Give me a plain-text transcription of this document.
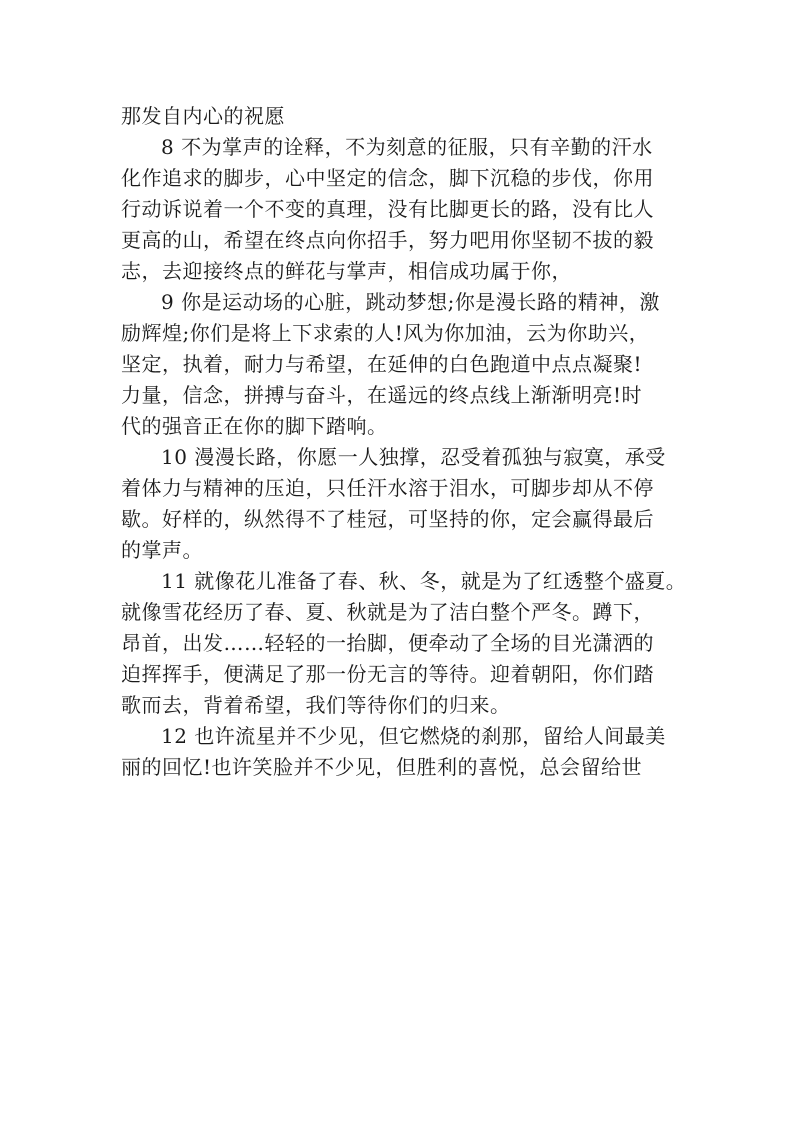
那发自内心的祝愿
8 不为掌声的诠释，不为刻意的征服，只有辛勤的汗水
化作追求的脚步，心中坚定的信念，脚下沉稳的步伐，你用
行动诉说着一个不变的真理，没有比脚更长的路，没有比人
更高的山，希望在终点向你招手，努力吧用你坚韧不拔的毅
志，去迎接终点的鲜花与掌声，相信成功属于你，
9 你是运动场的心脏，跳动梦想;你是漫长路的精神，激
励辉煌;你们是将上下求索的人!风为你加油，云为你助兴，
坚定，执着，耐力与希望，在延伸的白色跑道中点点凝聚!
力量，信念，拼搏与奋斗，在遥远的终点线上渐渐明亮!时
代的强音正在你的脚下踏响。
10 漫漫长路，你愿一人独撑，忍受着孤独与寂寞，承受
着体力与精神的压迫，只任汗水溶于泪水，可脚步却从不停
歇。好样的，纵然得不了桂冠，可坚持的你，定会赢得最后
的掌声。
11 就像花儿准备了春、秋、冬，就是为了红透整个盛夏。
就像雪花经历了春、夏、秋就是为了洁白整个严冬。蹲下，
昂首，出发……轻轻的一抬脚，便牵动了全场的目光潇洒的
迫挥挥手，便满足了那一份无言的等待。迎着朝阳，你们踏
歌而去，背着希望，我们等待你们的归来。
12 也许流星并不少见，但它燃烧的刹那，留给人间最美
丽的回忆!也许笑脸并不少见，但胜利的喜悦，总会留给世
